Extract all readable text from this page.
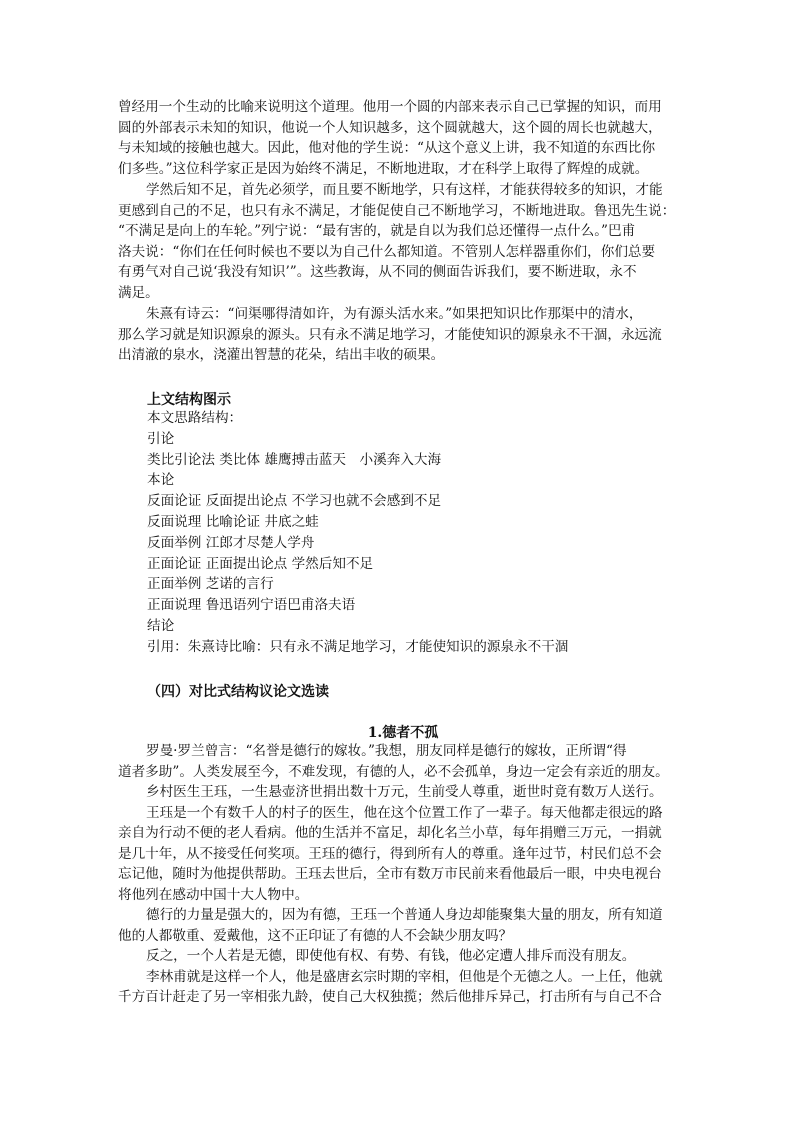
曾经用一个生动的比喻来说明这个道理。他用一个圆的内部来表示自己已掌握的知识，而用
圆的外部表示未知的知识，他说一个人知识越多，这个圆就越大，这个圆的周长也就越大，
与未知域的接触也越大。因此，他对他的学生说：“从这个意义上讲，我不知道的东西比你
们多些。”这位科学家正是因为始终不满足，不断地进取，才在科学上取得了辉煌的成就。
学然后知不足，首先必须学，而且要不断地学，只有这样，才能获得较多的知识，才能
更感到自己的不足，也只有永不满足，才能促使自己不断地学习，不断地进取。鲁迅先生说：
“不满足是向上的车轮。”列宁说：“最有害的，就是自以为我们总还懂得一点什么。”巴甫
洛夫说：“你们在任何时候也不要以为自己什么都知道。不管别人怎样器重你们，你们总要
有勇气对自己说‘我没有知识’”。这些教诲，从不同的侧面告诉我们，要不断进取，永不
满足。
朱熹有诗云：“问渠哪得清如许，为有源头活水来。”如果把知识比作那渠中的清水，
那么学习就是知识源泉的源头。只有永不满足地学习，才能使知识的源泉永不干涸，永远流
出清澈的泉水，浇灌出智慧的花朵，结出丰收的硕果。
上文结构图示
本文思路结构：
引论
类比引论法 类比体 雄鹰搏击蓝天　小溪奔入大海
本论
反面论证 反面提出论点 不学习也就不会感到不足
反面说理 比喻论证 井底之蛙
反面举例 江郎才尽楚人学舟
正面论证 正面提出论点 学然后知不足
正面举例 芝诺的言行
正面说理 鲁迅语列宁语巴甫洛夫语
结论
引用：朱熹诗比喻：只有永不满足地学习，才能使知识的源泉永不干涸
（四）对比式结构议论文选读
1.德者不孤
罗曼·罗兰曾言：“名誉是德行的嫁妆。”我想，朋友同样是德行的嫁妆，正所谓“得
道者多助”。人类发展至今，不难发现，有德的人，必不会孤单，身边一定会有亲近的朋友。
乡村医生王珏，一生悬壶济世捐出数十万元，生前受人尊重，逝世时竟有数万人送行。
王珏是一个有数千人的村子的医生，他在这个位置工作了一辈子。每天他都走很远的路
亲自为行动不便的老人看病。他的生活并不富足，却化名兰小草，每年捐赠三万元，一捐就
是几十年，从不接受任何奖项。王珏的德行，得到所有人的尊重。逢年过节，村民们总不会
忘记他，随时为他提供帮助。王珏去世后，全市有数万市民前来看他最后一眼，中央电视台
将他列在感动中国十大人物中。
德行的力量是强大的，因为有德，王珏一个普通人身边却能聚集大量的朋友，所有知道
他的人都敬重、爱戴他，这不正印证了有德的人不会缺少朋友吗？
反之，一个人若是无德，即使他有权、有势、有钱，他必定遭人排斥而没有朋友。
李林甫就是这样一个人，他是盛唐玄宗时期的宰相，但他是个无德之人。一上任，他就
千方百计赶走了另一宰相张九龄，使自己大权独揽；然后他排斥异己，打击所有与自己不合
